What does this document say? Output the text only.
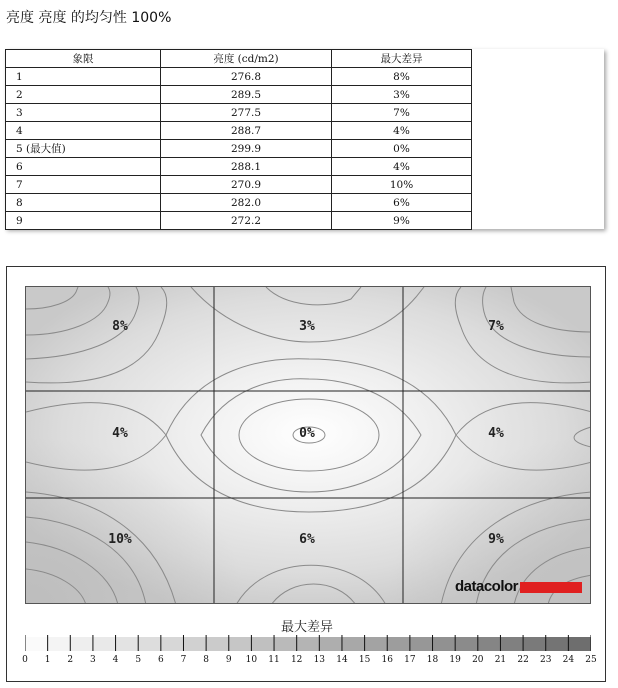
亮度 亮度 的均匀性 100%
象限	亮度 (cd/m2)	最大差异
1	276.8	8%
2	289.5	3%
3	277.5	7%
4	288.7	4%
5 (最大值)	299.9	0%
6	288.1	4%
7	270.9	10%
8	282.0	6%
9	272.2	9%
8%	3%	7%
4%	0%	4%
10%	6%	9%
datacolor
最大差异
0 1 2 3 4 5 6 7 8 9 10 11 12 13 14 15 16 17 18 19 20 21 22 23 24 25
